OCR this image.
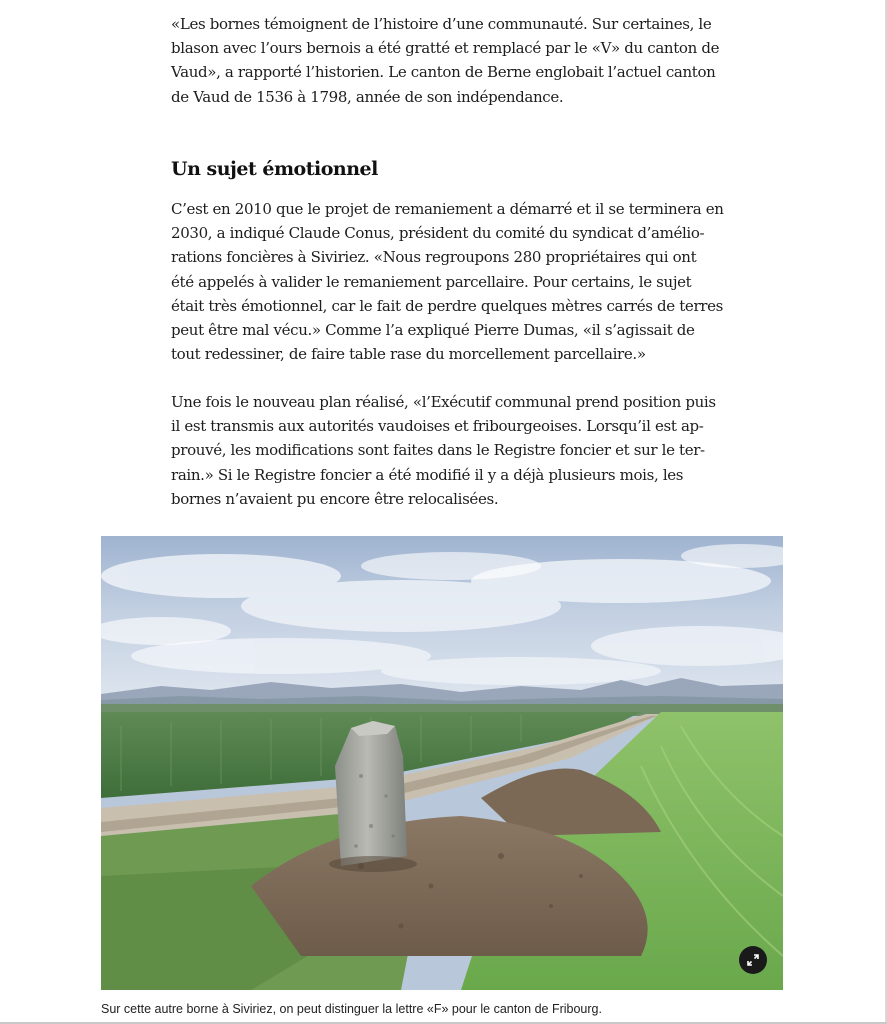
«Les bornes témoignent de l’histoire d’une communauté. Sur certaines, le
blason avec l’ours bernois a été gratté et remplacé par le «V» du canton de
Vaud», a rapporté l’historien. Le canton de Berne englobait l’actuel canton
de Vaud de 1536 à 1798, année de son indépendance.

Un sujet émotionnel

C’est en 2010 que le projet de remaniement a démarré et il se terminera en
2030, a indiqué Claude Conus, président du comité du syndicat d’amélio-
rations foncières à Siviriez. «Nous regroupons 280 propriétaires qui ont
été appelés à valider le remaniement parcellaire. Pour certains, le sujet
était très émotionnel, car le fait de perdre quelques mètres carrés de terres
peut être mal vécu.» Comme l’a expliqué Pierre Dumas, «il s’agissait de
tout redessiner, de faire table rase du morcellement parcellaire.»

Une fois le nouveau plan réalisé, «l’Exécutif communal prend position puis
il est transmis aux autorités vaudoises et fribourgeoises. Lorsqu’il est ap-
prouvé, les modifications sont faites dans le Registre foncier et sur le ter-
rain.» Si le Registre foncier a été modifié il y a déjà plusieurs mois, les
bornes n’avaient pu encore être relocalisées.

Sur cette autre borne à Siviriez, on peut distinguer la lettre «F» pour le canton de Fribourg.
